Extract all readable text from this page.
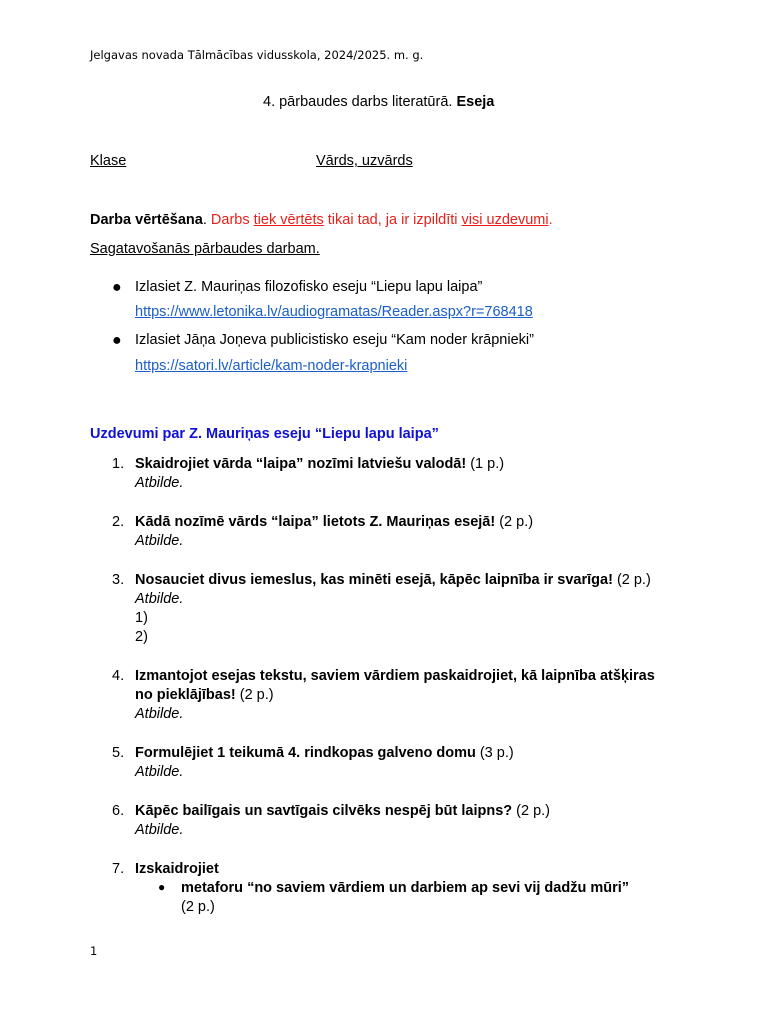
Jelgavas novada Tālmācības vidusskola, 2024/2025. m. g.
4. pārbaudes darbs literatūrā. Eseja
Klase	Vārds, uzvārds
Darba vērtēšana. Darbs tiek vērtēts tikai tad, ja ir izpildīti visi uzdevumi.
Sagatavošanās pārbaudes darbam.
● Izlasiet Z. Mauriņas filozofisko eseju “Liepu lapu laipa”
https://www.letonika.lv/audiogramatas/Reader.aspx?r=768418
● Izlasiet Jāņa Joņeva publicistisko eseju “Kam noder krāpnieki”
https://satori.lv/article/kam-noder-krapnieki
Uzdevumi par Z. Mauriņas eseju “Liepu lapu laipa”
1. Skaidrojiet vārda “laipa” nozīmi latviešu valodā! (1 p.)
Atbilde.
2. Kādā nozīmē vārds “laipa” lietots Z. Mauriņas esejā! (2 p.)
Atbilde.
3. Nosauciet divus iemeslus, kas minēti esejā, kāpēc laipnība ir svarīga! (2 p.)
Atbilde.
1)
2)
4. Izmantojot esejas tekstu, saviem vārdiem paskaidrojiet, kā laipnība atšķiras
no pieklājības! (2 p.)
Atbilde.
5. Formulējiet 1 teikumā 4. rindkopas galveno domu (3 p.)
Atbilde.
6. Kāpēc bailīgais un savtīgais cilvēks nespēj būt laipns? (2 p.)
Atbilde.
7. Izskaidrojiet
● metaforu “no saviem vārdiem un darbiem ap sevi vij dadžu mūri”
(2 p.)
1
